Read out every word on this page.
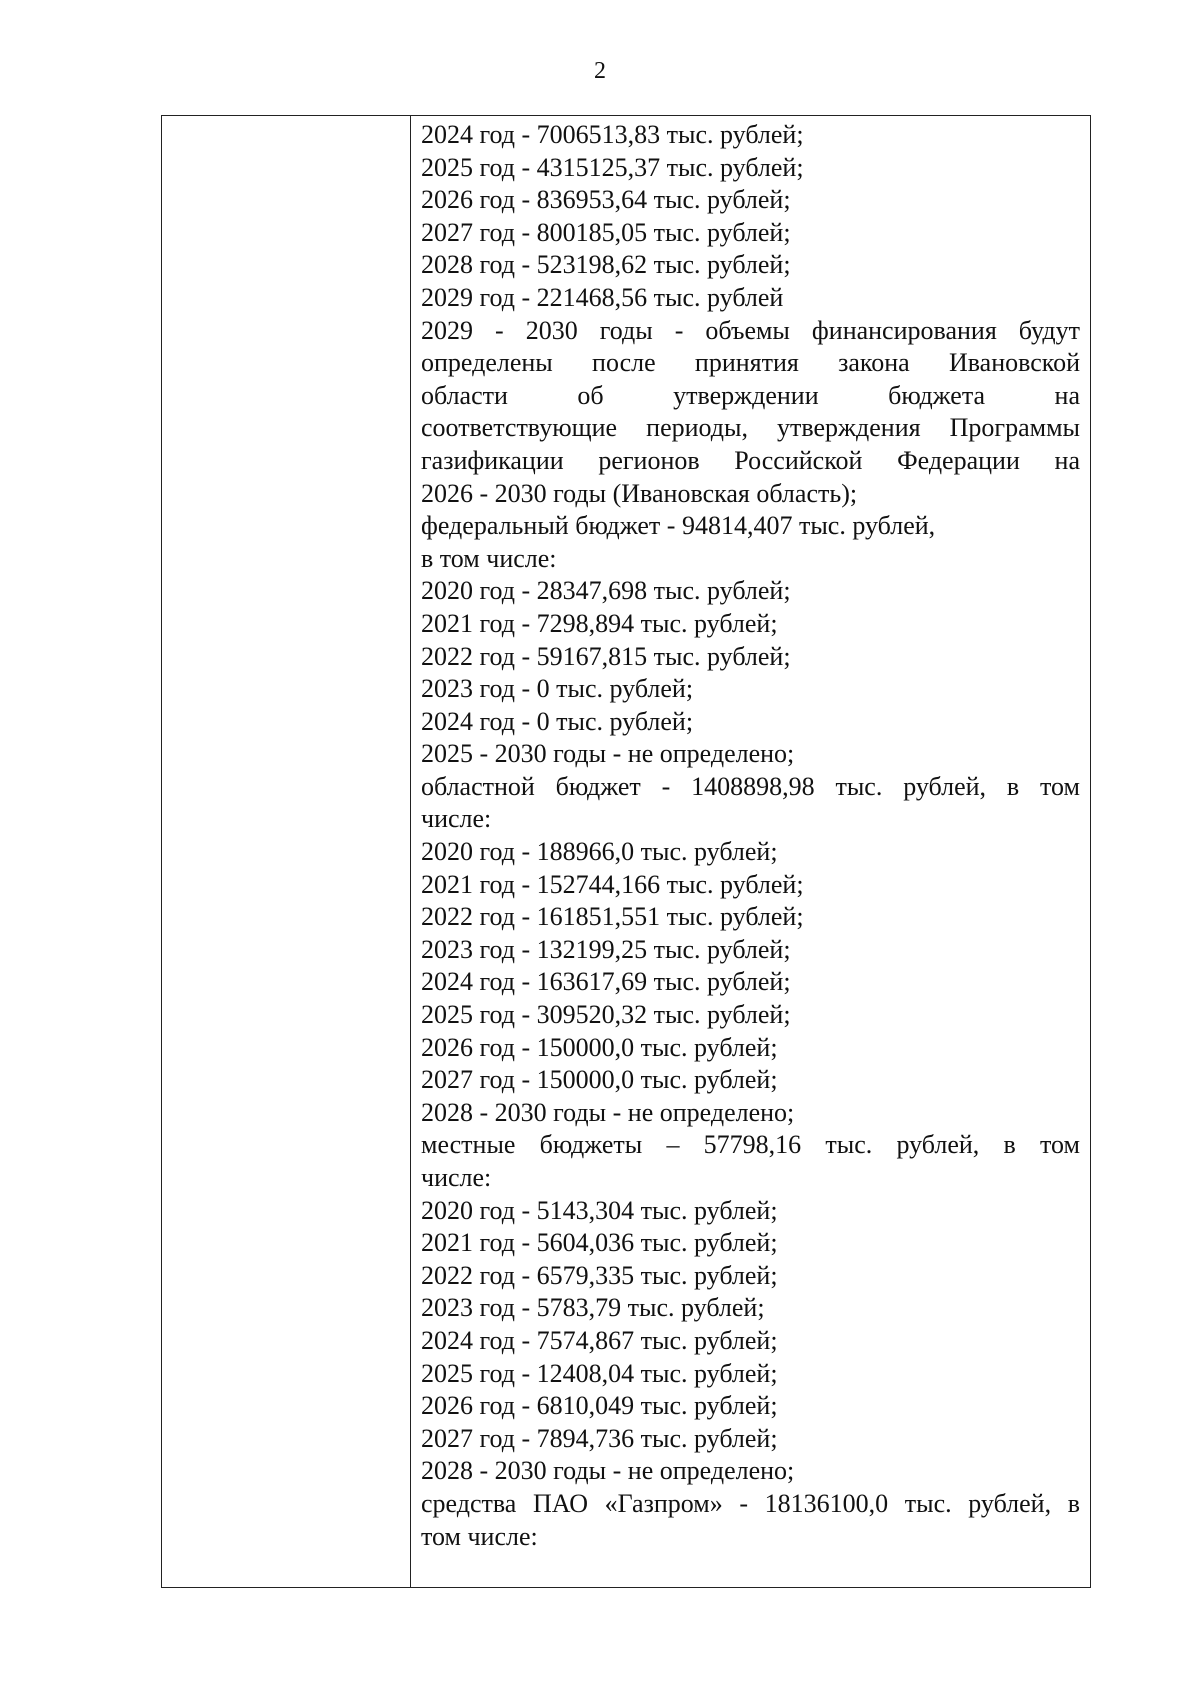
2
2024 год - 7006513,83 тыс. рублей;
2025 год - 4315125,37 тыс. рублей;
2026 год - 836953,64 тыс. рублей;
2027 год - 800185,05 тыс. рублей;
2028 год - 523198,62 тыс. рублей;
2029 год - 221468,56 тыс. рублей
2029 - 2030 годы - объемы финансирования будут
определены после принятия закона Ивановской
области об утверждении бюджета на
соответствующие периоды, утверждения Программы
газификации регионов Российской Федерации на
2026 - 2030 годы (Ивановская область);
федеральный бюджет - 94814,407 тыс. рублей,
в том числе:
2020 год - 28347,698 тыс. рублей;
2021 год - 7298,894 тыс. рублей;
2022 год - 59167,815 тыс. рублей;
2023 год - 0 тыс. рублей;
2024 год - 0 тыс. рублей;
2025 - 2030 годы - не определено;
областной бюджет - 1408898,98 тыс. рублей, в том
числе:
2020 год - 188966,0 тыс. рублей;
2021 год - 152744,166 тыс. рублей;
2022 год - 161851,551 тыс. рублей;
2023 год - 132199,25 тыс. рублей;
2024 год - 163617,69 тыс. рублей;
2025 год - 309520,32 тыс. рублей;
2026 год - 150000,0 тыс. рублей;
2027 год - 150000,0 тыс. рублей;
2028 - 2030 годы - не определено;
местные бюджеты – 57798,16 тыс. рублей, в том
числе:
2020 год - 5143,304 тыс. рублей;
2021 год - 5604,036 тыс. рублей;
2022 год - 6579,335 тыс. рублей;
2023 год - 5783,79 тыс. рублей;
2024 год - 7574,867 тыс. рублей;
2025 год - 12408,04 тыс. рублей;
2026 год - 6810,049 тыс. рублей;
2027 год - 7894,736 тыс. рублей;
2028 - 2030 годы - не определено;
средства ПАО «Газпром» - 18136100,0 тыс. рублей, в
том числе:
